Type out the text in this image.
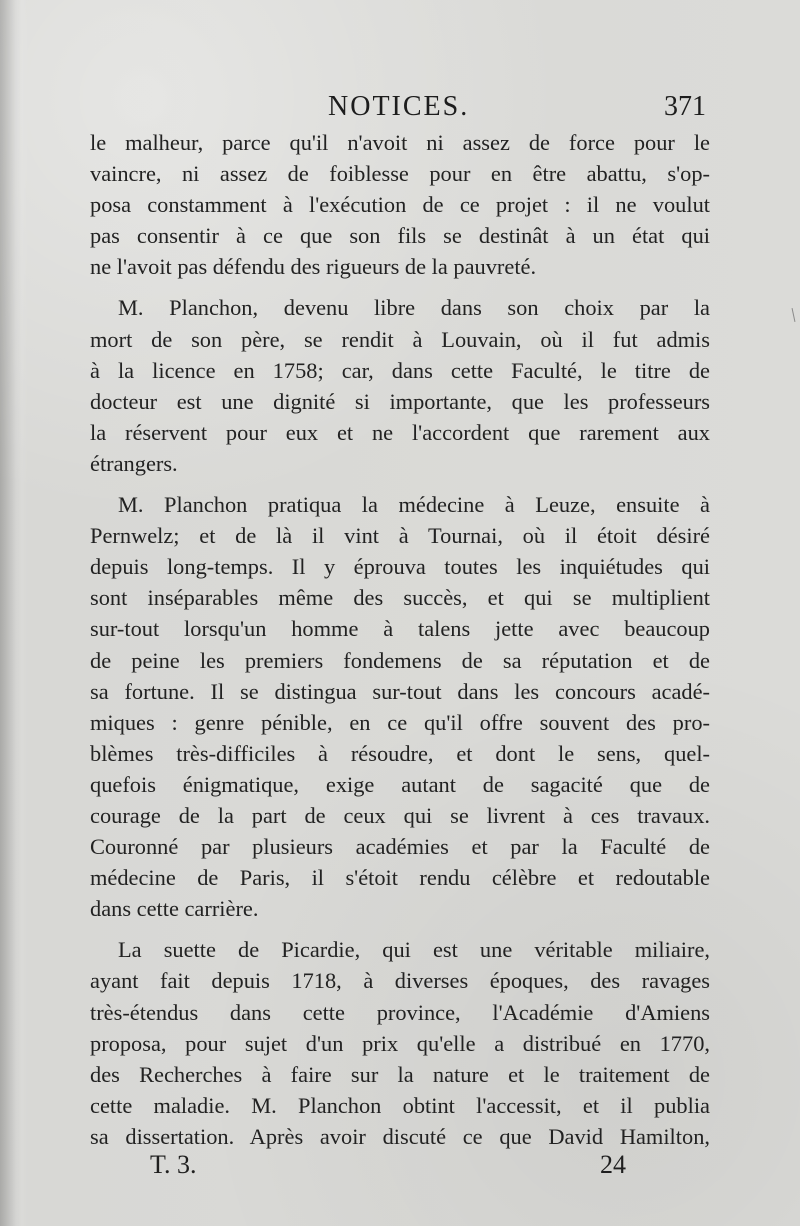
NOTICES.	371
le malheur, parce qu'il n'avoit ni assez de force pour le
vaincre, ni assez de foiblesse pour en être abattu, s'op-
posa constamment à l'exécution de ce projet : il ne voulut
pas consentir à ce que son fils se destinât à un état qui
ne l'avoit pas défendu des rigueurs de la pauvreté.
M. Planchon, devenu libre dans son choix par la
mort de son père, se rendit à Louvain, où il fut admis
à la licence en 1758; car, dans cette Faculté, le titre de
docteur est une dignité si importante, que les professeurs
la réservent pour eux et ne l'accordent que rarement aux
étrangers.
M. Planchon pratiqua la médecine à Leuze, ensuite à
Pernwelz; et de là il vint à Tournai, où il étoit désiré
depuis long-temps. Il y éprouva toutes les inquiétudes qui
sont inséparables même des succès, et qui se multiplient
sur-tout lorsqu'un homme à talens jette avec beaucoup
de peine les premiers fondemens de sa réputation et de
sa fortune. Il se distingua sur-tout dans les concours acadé-
miques : genre pénible, en ce qu'il offre souvent des pro-
blèmes très-difficiles à résoudre, et dont le sens, quel-
quefois énigmatique, exige autant de sagacité que de
courage de la part de ceux qui se livrent à ces travaux.
Couronné par plusieurs académies et par la Faculté de
médecine de Paris, il s'étoit rendu célèbre et redoutable
dans cette carrière.
La suette de Picardie, qui est une véritable miliaire,
ayant fait depuis 1718, à diverses époques, des ravages
très-étendus dans cette province, l'Académie d'Amiens
proposa, pour sujet d'un prix qu'elle a distribué en 1770,
des Recherches à faire sur la nature et le traitement de
cette maladie. M. Planchon obtint l'accessit, et il publia
sa dissertation. Après avoir discuté ce que David Hamilton,
T. 3.	24
